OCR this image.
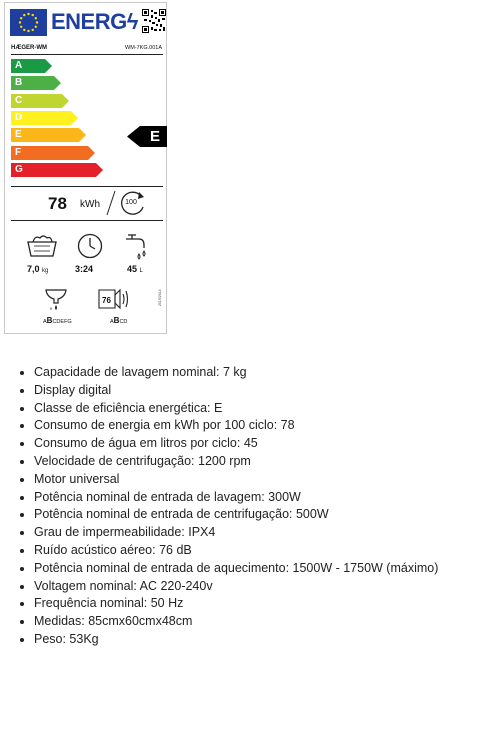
ENERGϟ
HÆGER-WM	WM-7KG.001A
A
B
C
D
E
F
G
E
78 kWh	100
7,0 kg	3:24	45 L
ABCDEFG
76
ABCD
2019/2014
• Capacidade de lavagem nominal: 7 kg
• Display digital
• Classe de eficiência energética: E
• Consumo de energia em kWh por 100 ciclo: 78
• Consumo de água em litros por ciclo: 45
• Velocidade de centrifugação: 1200 rpm
• Motor universal
• Potência nominal de entrada de lavagem: 300W
• Potência nominal de entrada de centrifugação: 500W
• Grau de impermeabilidade: IPX4
• Ruído acústico aéreo: 76 dB
• Potência nominal de entrada de aquecimento: 1500W - 1750W (máximo)
• Voltagem nominal: AC 220-240v
• Frequência nominal: 50 Hz
• Medidas: 85cmx60cmx48cm
• Peso: 53Kg
